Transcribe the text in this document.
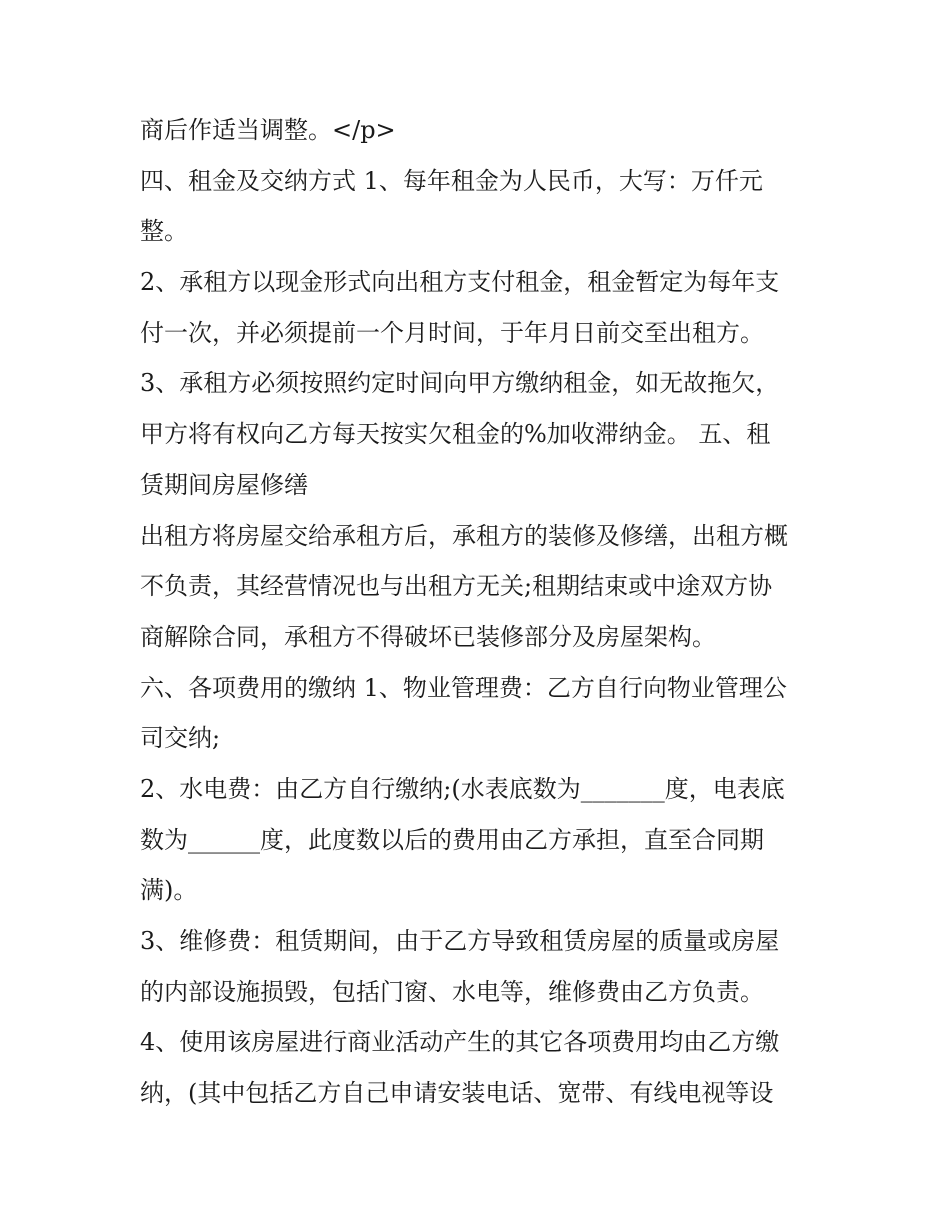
商后作适当调整。</p>
四、租金及交纳方式 1、每年租金为人民币，大写：万仟元
整。
2、承租方以现金形式向出租方支付租金，租金暂定为每年支
付一次，并必须提前一个月时间，于年月日前交至出租方。
3、承租方必须按照约定时间向甲方缴纳租金，如无故拖欠，
甲方将有权向乙方每天按实欠租金的%加收滞纳金。 五、租
赁期间房屋修缮
出租方将房屋交给承租方后，承租方的装修及修缮，出租方概
不负责，其经营情况也与出租方无关;租期结束或中途双方协
商解除合同，承租方不得破坏已装修部分及房屋架构。
六、各项费用的缴纳 1、物业管理费：乙方自行向物业管理公
司交纳;
2、水电费：由乙方自行缴纳;(水表底数为_______度，电表底
数为______度，此度数以后的费用由乙方承担，直至合同期
满)。
3、维修费：租赁期间，由于乙方导致租赁房屋的质量或房屋
的内部设施损毁，包括门窗、水电等，维修费由乙方负责。
4、使用该房屋进行商业活动产生的其它各项费用均由乙方缴
纳，(其中包括乙方自己申请安装电话、宽带、有线电视等设
